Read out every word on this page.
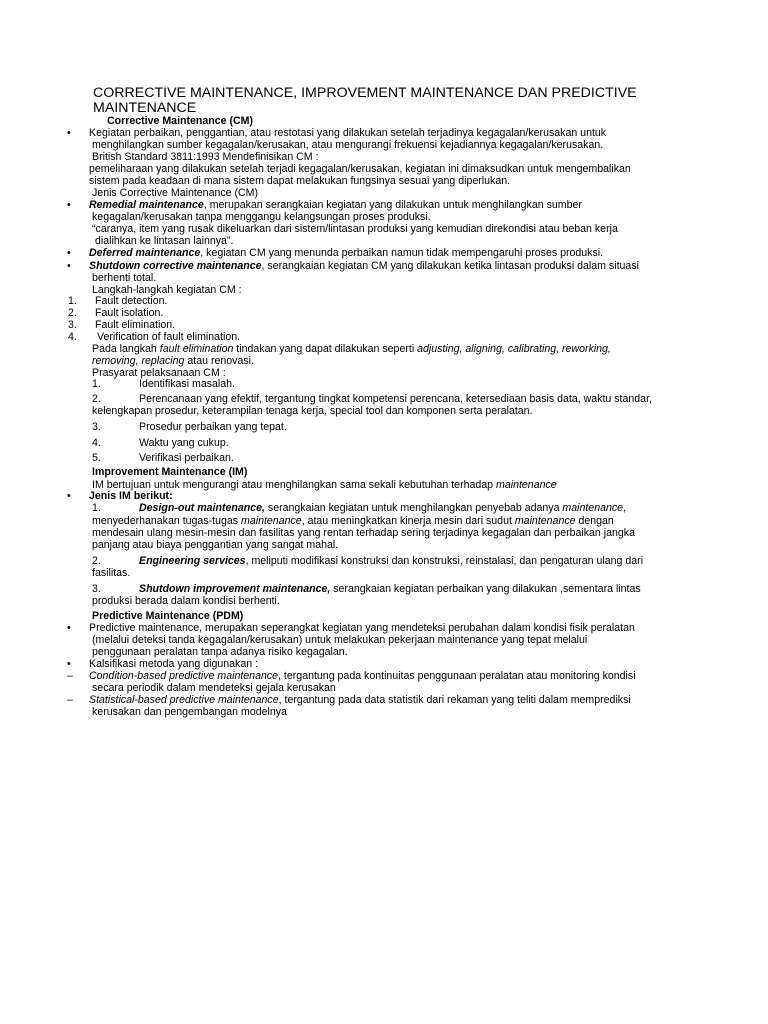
CORRECTIVE MAINTENANCE, IMPROVEMENT MAINTENANCE DAN PREDICTIVE
MAINTENANCE
Corrective Maintenance (CM)
• Kegiatan perbaikan, penggantian, atau restotasi yang dilakukan setelah terjadinya kegagalan/kerusakan untuk
menghilangkan sumber kegagalan/kerusakan, atau mengurangi frekuensi kejadiannya kegagalan/kerusakan.
British Standard 3811:1993 Mendefinisikan CM :
pemeliharaan yang dilakukan setelah terjadi kegagalan/kerusakan, kegiatan ini dimaksudkan untuk mengembalikan
sistem pada keadaan di mana sistem dapat melakukan fungsinya sesuai yang diperlukan.
Jenis Corrective Maintenance (CM)
• Remedial maintenance, merupakan serangkaian kegiatan yang dilakukan untuk menghilangkan sumber
kegagalan/kerusakan tanpa menggangu kelangsungan proses produksi.
“caranya, item yang rusak dikeluarkan dari sistem/lintasan produksi yang kemudian direkondisi atau beban kerja
dialihkan ke lintasan lainnya”.
• Deferred maintenance, kegiatan CM yang menunda perbaikan namun tidak mempengaruhi proses produksi.
• Shutdown corrective maintenance, serangkaian kegiatan CM yang dilakukan ketika lintasan produksi dalam situasi
berhenti total.
Langkah-langkah kegiatan CM :
1. Fault detection.
2. Fault isolation.
3. Fault elimination.
4. Verification of fault elimination.
Pada langkah fault elimination tindakan yang dapat dilakukan seperti adjusting, aligning, calibrating, reworking,
removing, replacing atau renovasi.
Prasyarat pelaksanaan CM :
1.	Identifikasi masalah.
2.	Perencanaan yang efektif, tergantung tingkat kompetensi perencana, ketersediaan basis data, waktu standar,
kelengkapan prosedur, keterampilan tenaga kerja, special tool dan komponen serta peralatan.
3.	Prosedur perbaikan yang tepat.
4.	Waktu yang cukup.
5.	Verifikasi perbaikan.
Improvement Maintenance (IM)
IM bertujuan untuk mengurangi atau menghilangkan sama sekali kebutuhan terhadap maintenance
• Jenis IM berikut:
1.	Design-out maintenance, serangkaian kegiatan untuk menghilangkan penyebab adanya maintenance,
menyederhanakan tugas-tugas maintenance, atau meningkatkan kinerja mesin dari sudut maintenance dengan
mendesain ulang mesin-mesin dan fasilitas yang rentan terhadap sering terjadinya kegagalan dan perbaikan jangka
panjang atau biaya penggantian yang sangat mahal.
2.	Engineering services, meliputi modifikasi konstruksi dan konstruksi, reinstalasi, dan pengaturan ulang dari
fasilitas.
3.	Shutdown improvement maintenance, serangkaian kegiatan perbaikan yang dilakukan ,sementara lintas
produksi berada dalam kondisi berhenti.
Predictive Maintenance (PDM)
• Predictive maintenance, merupakan seperangkat kegiatan yang mendeteksi perubahan dalam kondisi fisik peralatan
(melalui deteksi tanda kegagalan/kerusakan) untuk melakukan pekerjaan maintenance yang tepat melalui
penggunaan peralatan tanpa adanya risiko kegagalan.
• Kalsifikasi metoda yang digunakan :
– Condition-based predictive maintenance, tergantung pada kontinuitas penggunaan peralatan atau monitoring kondisi
secara periodik dalam mendeteksi gejala kerusakan
– Statistical-based predictive maintenance, tergantung pada data statistik dari rekaman yang teliti dalam memprediksi
kerusakan dan pengembangan modelnya
